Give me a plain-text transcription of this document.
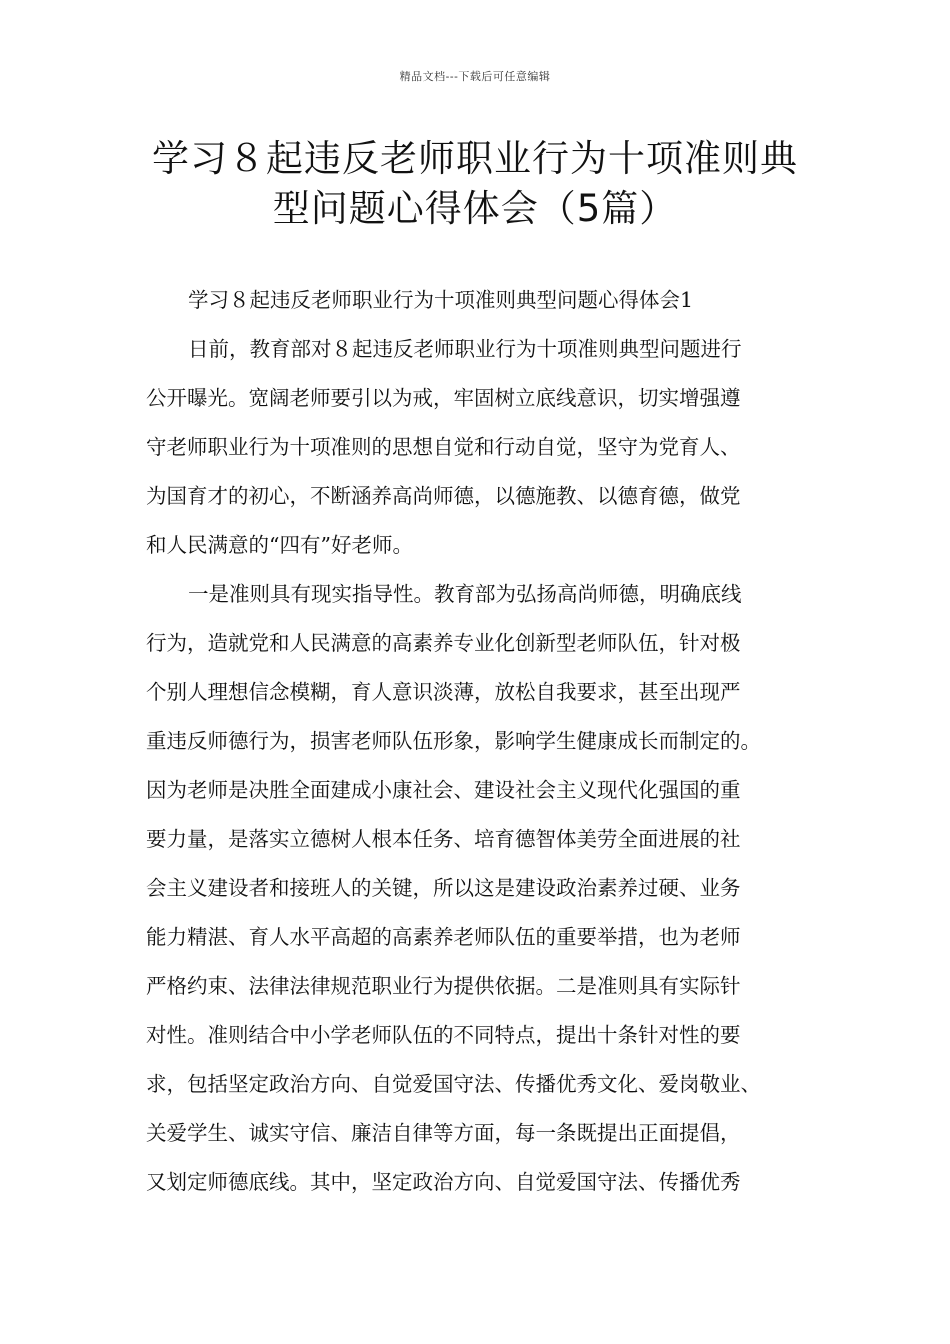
精品文档---下载后可任意编辑
学习８起违反老师职业行为十项准则典
型问题心得体会（5篇）
学习８起违反老师职业行为十项准则典型问题心得体会1
日前，教育部对８起违反老师职业行为十项准则典型问题进行
公开曝光。宽阔老师要引以为戒，牢固树立底线意识，切实增强遵
守老师职业行为十项准则的思想自觉和行动自觉，坚守为党育人、
为国育才的初心，不断涵养高尚师德，以德施教、以德育德，做党
和人民满意的“四有”好老师。
一是准则具有现实指导性。教育部为弘扬高尚师德，明确底线
行为，造就党和人民满意的高素养专业化创新型老师队伍，针对极
个别人理想信念模糊，育人意识淡薄，放松自我要求，甚至出现严
重违反师德行为，损害老师队伍形象，影响学生健康成长而制定的。
因为老师是决胜全面建成小康社会、建设社会主义现代化强国的重
要力量，是落实立德树人根本任务、培育德智体美劳全面进展的社
会主义建设者和接班人的关键，所以这是建设政治素养过硬、业务
能力精湛、育人水平高超的高素养老师队伍的重要举措，也为老师
严格约束、法律法律规范职业行为提供依据。二是准则具有实际针
对性。准则结合中小学老师队伍的不同特点，提出十条针对性的要
求，包括坚定政治方向、自觉爱国守法、传播优秀文化、爱岗敬业、
关爱学生、诚实守信、廉洁自律等方面，每一条既提出正面提倡，
又划定师德底线。其中，坚定政治方向、自觉爱国守法、传播优秀
